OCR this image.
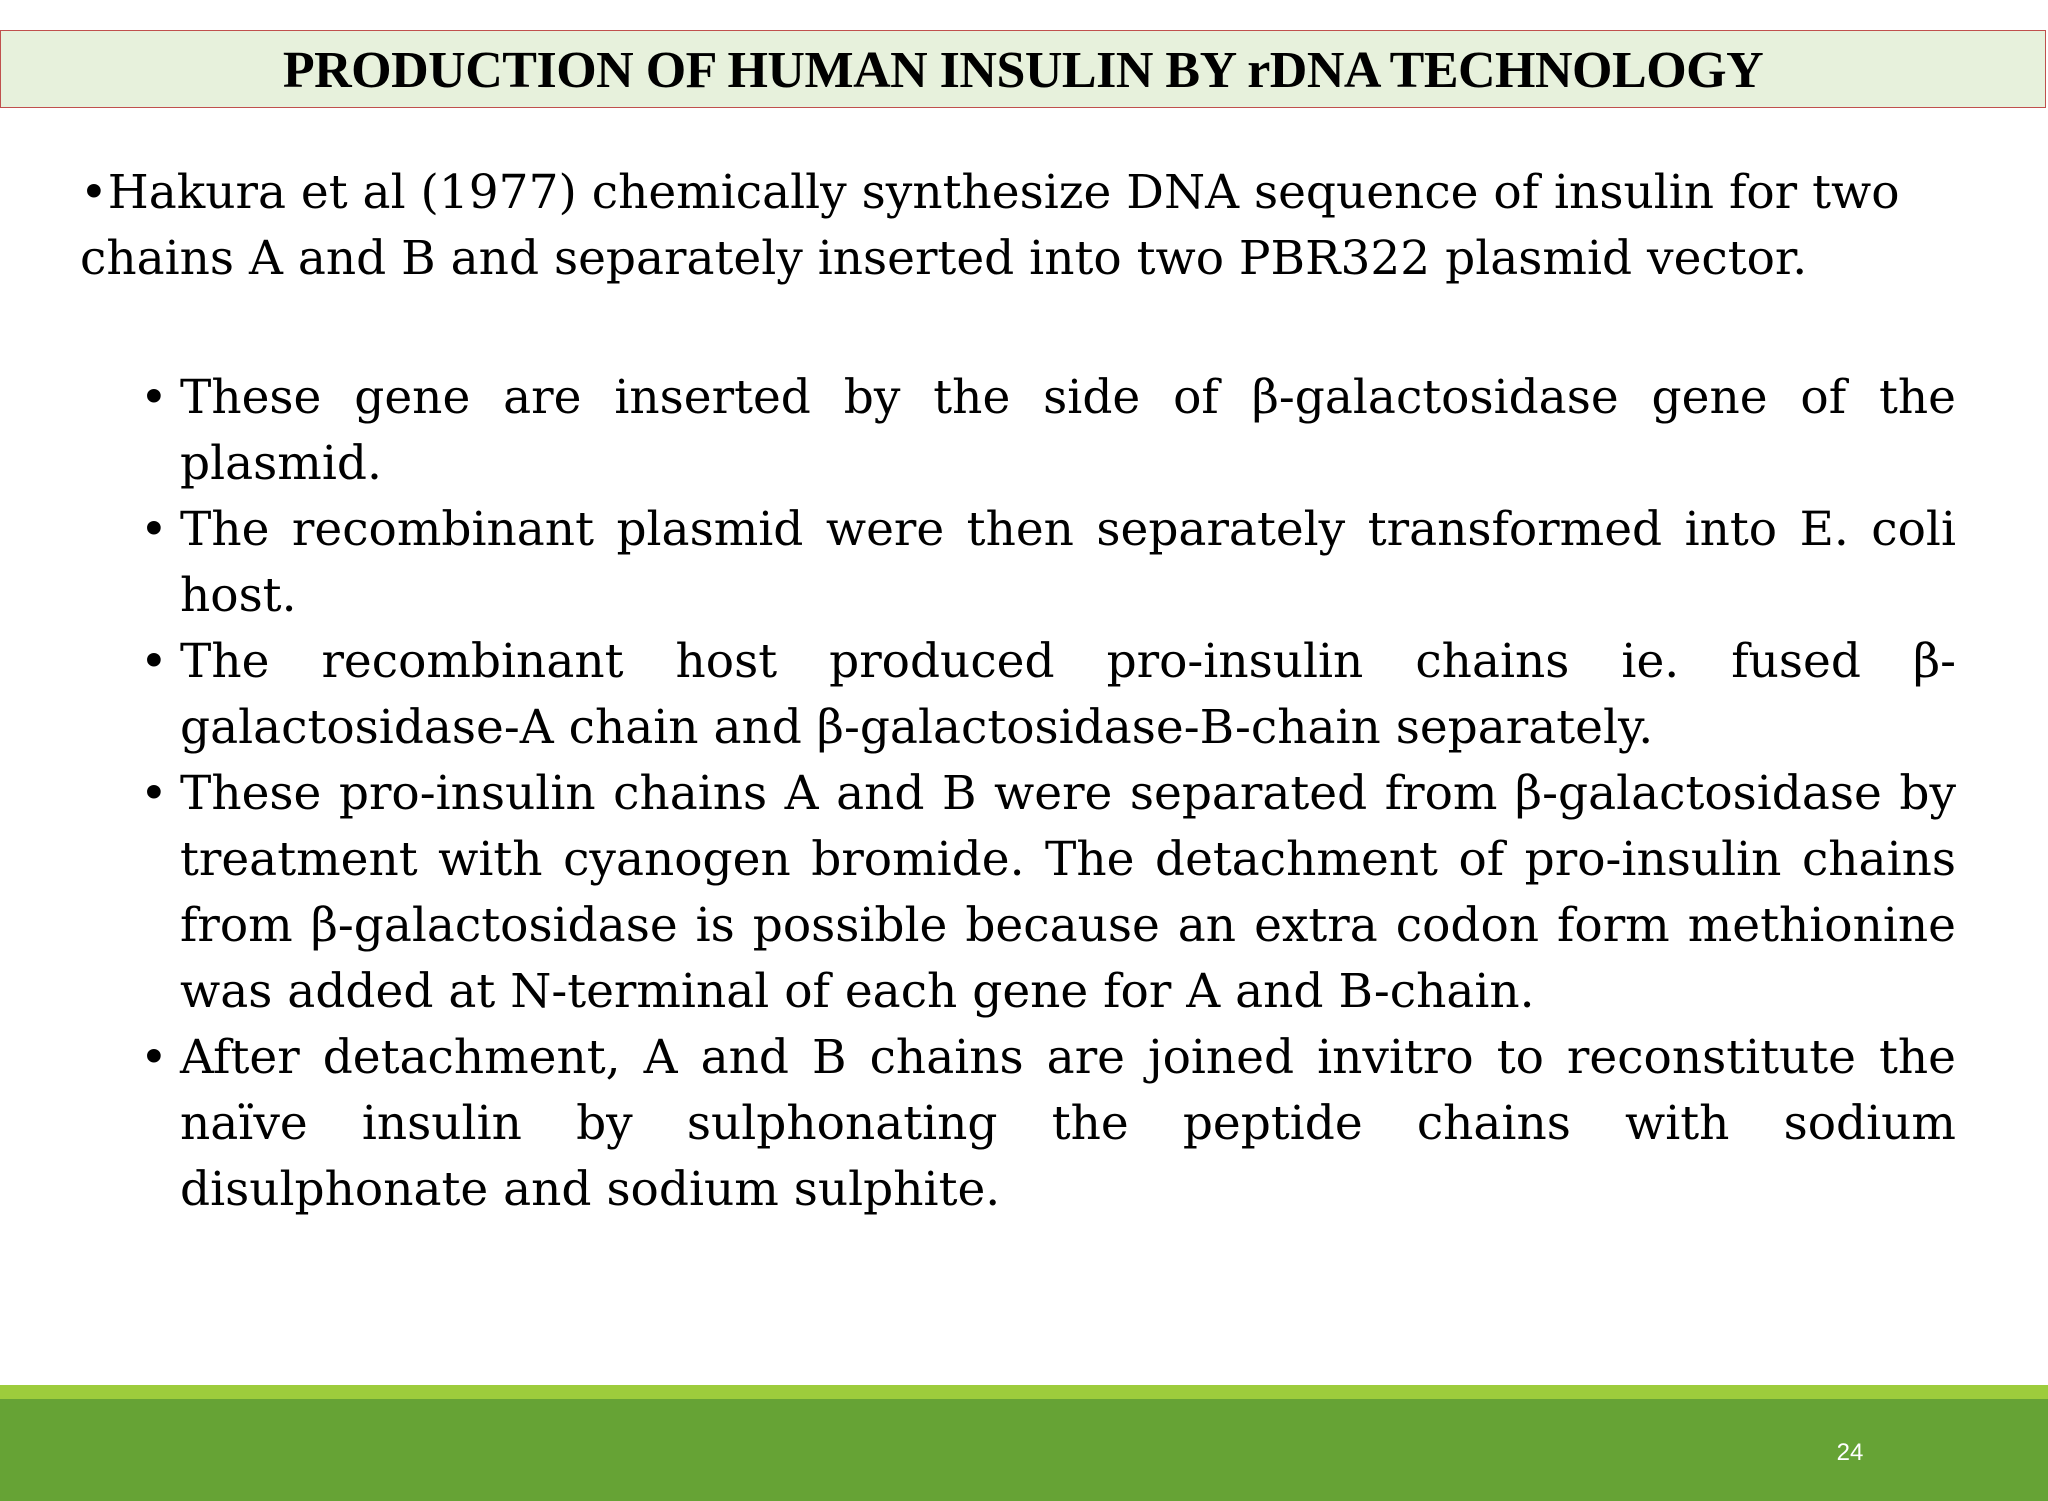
PRODUCTION OF HUMAN INSULIN BY rDNA TECHNOLOGY

•Hakura et al (1977) chemically synthesize DNA sequence of insulin for two chains A and B and separately inserted into two PBR322 plasmid vector.

• These gene are inserted by the side of β-galactosidase gene of the plasmid.
• The recombinant plasmid were then separately transformed into E. coli host.
• The recombinant host produced pro-insulin chains ie. fused β-galactosidase-A chain and β-galactosidase-B-chain separately.
• These pro-insulin chains A and B were separated from β-galactosidase by treatment with cyanogen bromide. The detachment of pro-insulin chains from β-galactosidase is possible because an extra codon form methionine was added at N-terminal of each gene for A and B-chain.
• After detachment, A and B chains are joined invitro to reconstitute the naïve insulin by sulphonating the peptide chains with sodium disulphonate and sodium sulphite.
24
